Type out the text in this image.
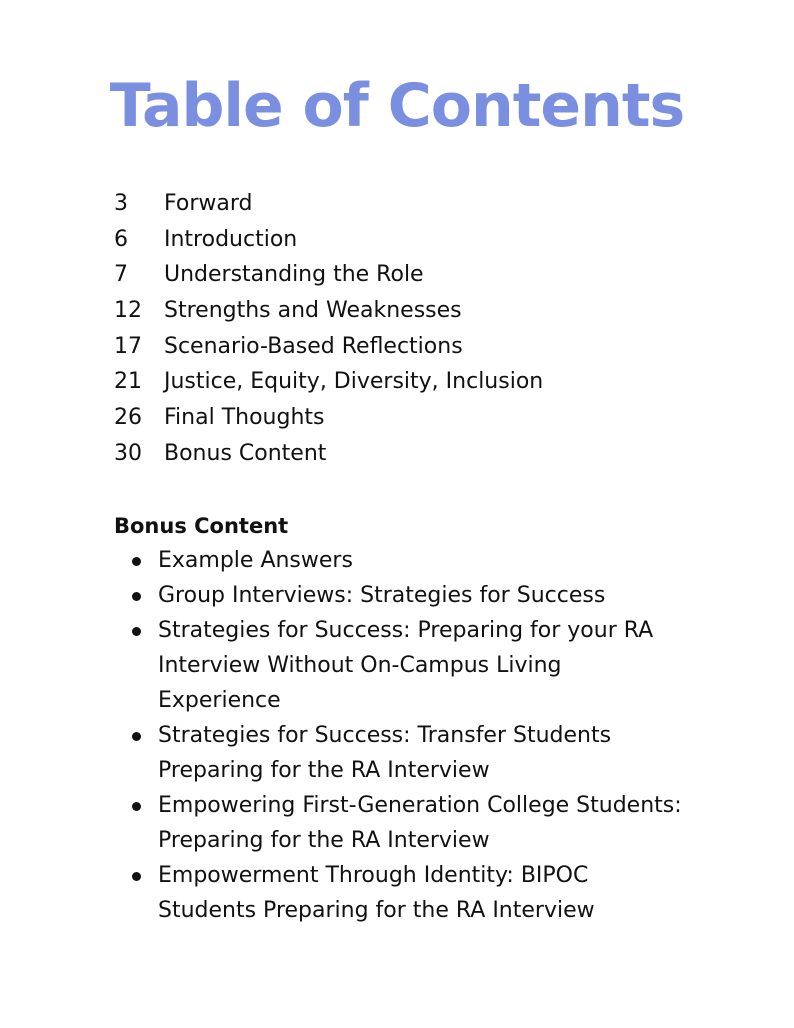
Table of Contents
3	Forward
6	Introduction
7	Understanding the Role
12	Strengths and Weaknesses
17	Scenario-Based Reflections
21	Justice, Equity, Diversity, Inclusion
26	Final Thoughts
30	Bonus Content
Bonus Content
Example Answers
Group Interviews: Strategies for Success
Strategies for Success: Preparing for your RA Interview Without On-Campus Living Experience
Strategies for Success: Transfer Students Preparing for the RA Interview
Empowering First-Generation College Students: Preparing for the RA Interview
Empowerment Through Identity: BIPOC Students Preparing for the RA Interview
